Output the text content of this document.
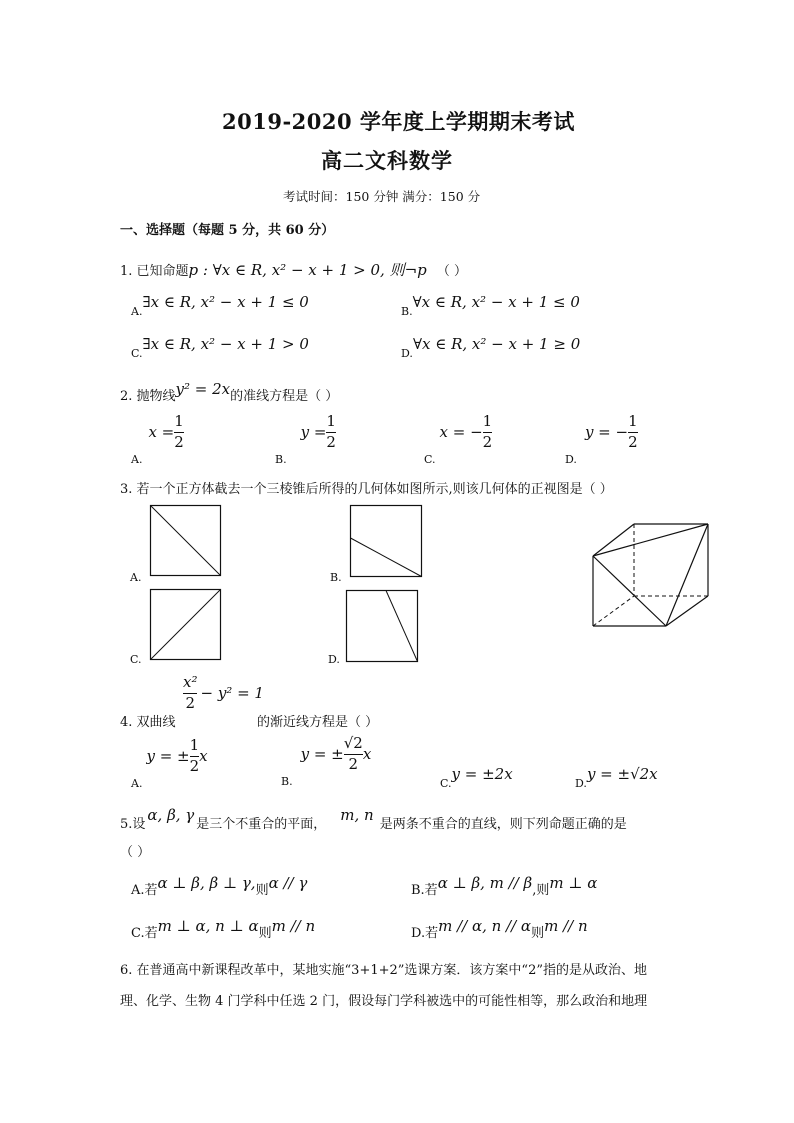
2019-2020 学年度上学期期末考试
高二文科数学
考试时间：150 分钟 满分：150 分
一、选择题（每题 5 分，共 60 分）
1. 已知命题p : ∀x ∈ R, x² − x + 1 > 0, 则¬p （ ）
$_{A.}$∃x ∈ R, x² − x + 1 ≤ 0
$_{B.}$∀x ∈ R, x² − x + 1 ≤ 0
$_{C.}$∃x ∈ R, x² − x + 1 > 0
$_{D.}$∀x ∈ R, x² − x + 1 ≥ 0
2. 抛物线y² = 2x的准线方程是（ ）
$_{A.}x = \frac{1}{2}$
$_{B.}y = \frac{1}{2}$
$_{C.}$x = − $\frac{1}{2}$
$_{D.}$y = − $\frac{1}{2}$
3. 若一个正方体截去一个三棱锥后所得的几何体如图所示,则该几何体的正视图是（ ）
A.	B.
C.	D.
$\frac{\text{x²}}{2} - y^2 = 1$
4. 双曲线	的渐近线方程是（ ）
$_{A.}$y = ± $\frac{1}{2}$ x
$_{B.}$y = ± $\frac{√2}{2}$ x
$_{C.}$y = ±2x
$_{D.}$y = ±√2x
5.设α, β, γ是三个不重合的平面，m, n是两条不重合的直线，则下列命题正确的是
（ ）
$_{A.若}$α ⊥ β, β ⊥ $\gamma,_则\alpha$ // γ	$_{B.若}$α ⊥ β, m // $\beta_{,则}m$ ⊥ α
$_{C.若}$m ⊥ α, n ⊥ $\alpha_则m$ // n	$_{D.若}$m // α, n // $\alpha_则m$ // n
6. 在普通高中新课程改革中，某地实施“3+1+2”选课方案．该方案中“2”指的是从政治、地
理、化学、生物 4 门学科中任选 2 门，假设每门学科被选中的可能性相等，那么政治和地理
